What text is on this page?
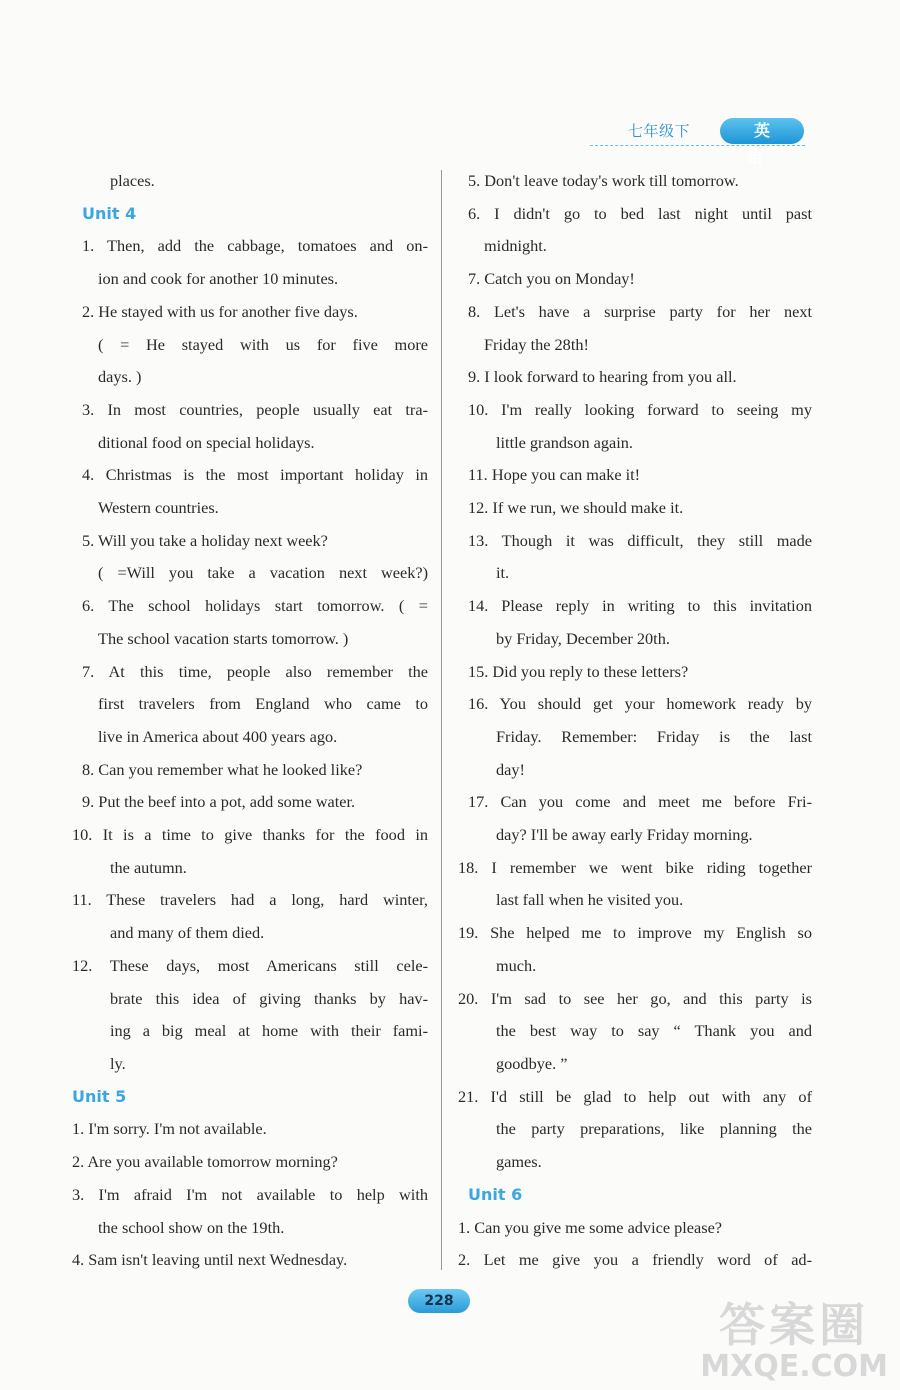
七年级下	英 语
places.
Unit 4
1. Then, add the cabbage, tomatoes and on-
ion and cook for another 10 minutes.
2. He stayed with us for another five days.
( = He stayed with us for five more
days. )
3. In most countries, people usually eat tra-
ditional food on special holidays.
4. Christmas is the most important holiday in
Western countries.
5. Will you take a holiday next week?
( =Will you take a vacation next week?)
6. The school holidays start tomorrow. ( =
The school vacation starts tomorrow. )
7. At this time, people also remember the
first travelers from England who came to
live in America about 400 years ago.
8. Can you remember what he looked like?
9. Put the beef into a pot, add some water.
10. It is a time to give thanks for the food in
the autumn.
11. These travelers had a long, hard winter,
and many of them died.
12. These days, most Americans still cele-
brate this idea of giving thanks by hav-
ing a big meal at home with their fami-
ly.
Unit 5
1. I'm sorry. I'm not available.
2. Are you available tomorrow morning?
3. I'm afraid I'm not available to help with
the school show on the 19th.
4. Sam isn't leaving until next Wednesday.
5. Don't leave today's work till tomorrow.
6. I didn't go to bed last night until past
midnight.
7. Catch you on Monday!
8. Let's have a surprise party for her next
Friday the 28th!
9. I look forward to hearing from you all.
10. I'm really looking forward to seeing my
little grandson again.
11. Hope you can make it!
12. If we run, we should make it.
13. Though it was difficult, they still made
it.
14. Please reply in writing to this invitation
by Friday, December 20th.
15. Did you reply to these letters?
16. You should get your homework ready by
Friday. Remember: Friday is the last
day!
17. Can you come and meet me before Fri-
day? I'll be away early Friday morning.
18. I remember we went bike riding together
last fall when he visited you.
19. She helped me to improve my English so
much.
20. I'm sad to see her go, and this party is
the best way to say “ Thank you and
goodbye. ”
21. I'd still be glad to help out with any of
the party preparations, like planning the
games.
Unit 6
1. Can you give me some advice please?
2. Let me give you a friendly word of ad-
228	答案圈
MXQE.COM
